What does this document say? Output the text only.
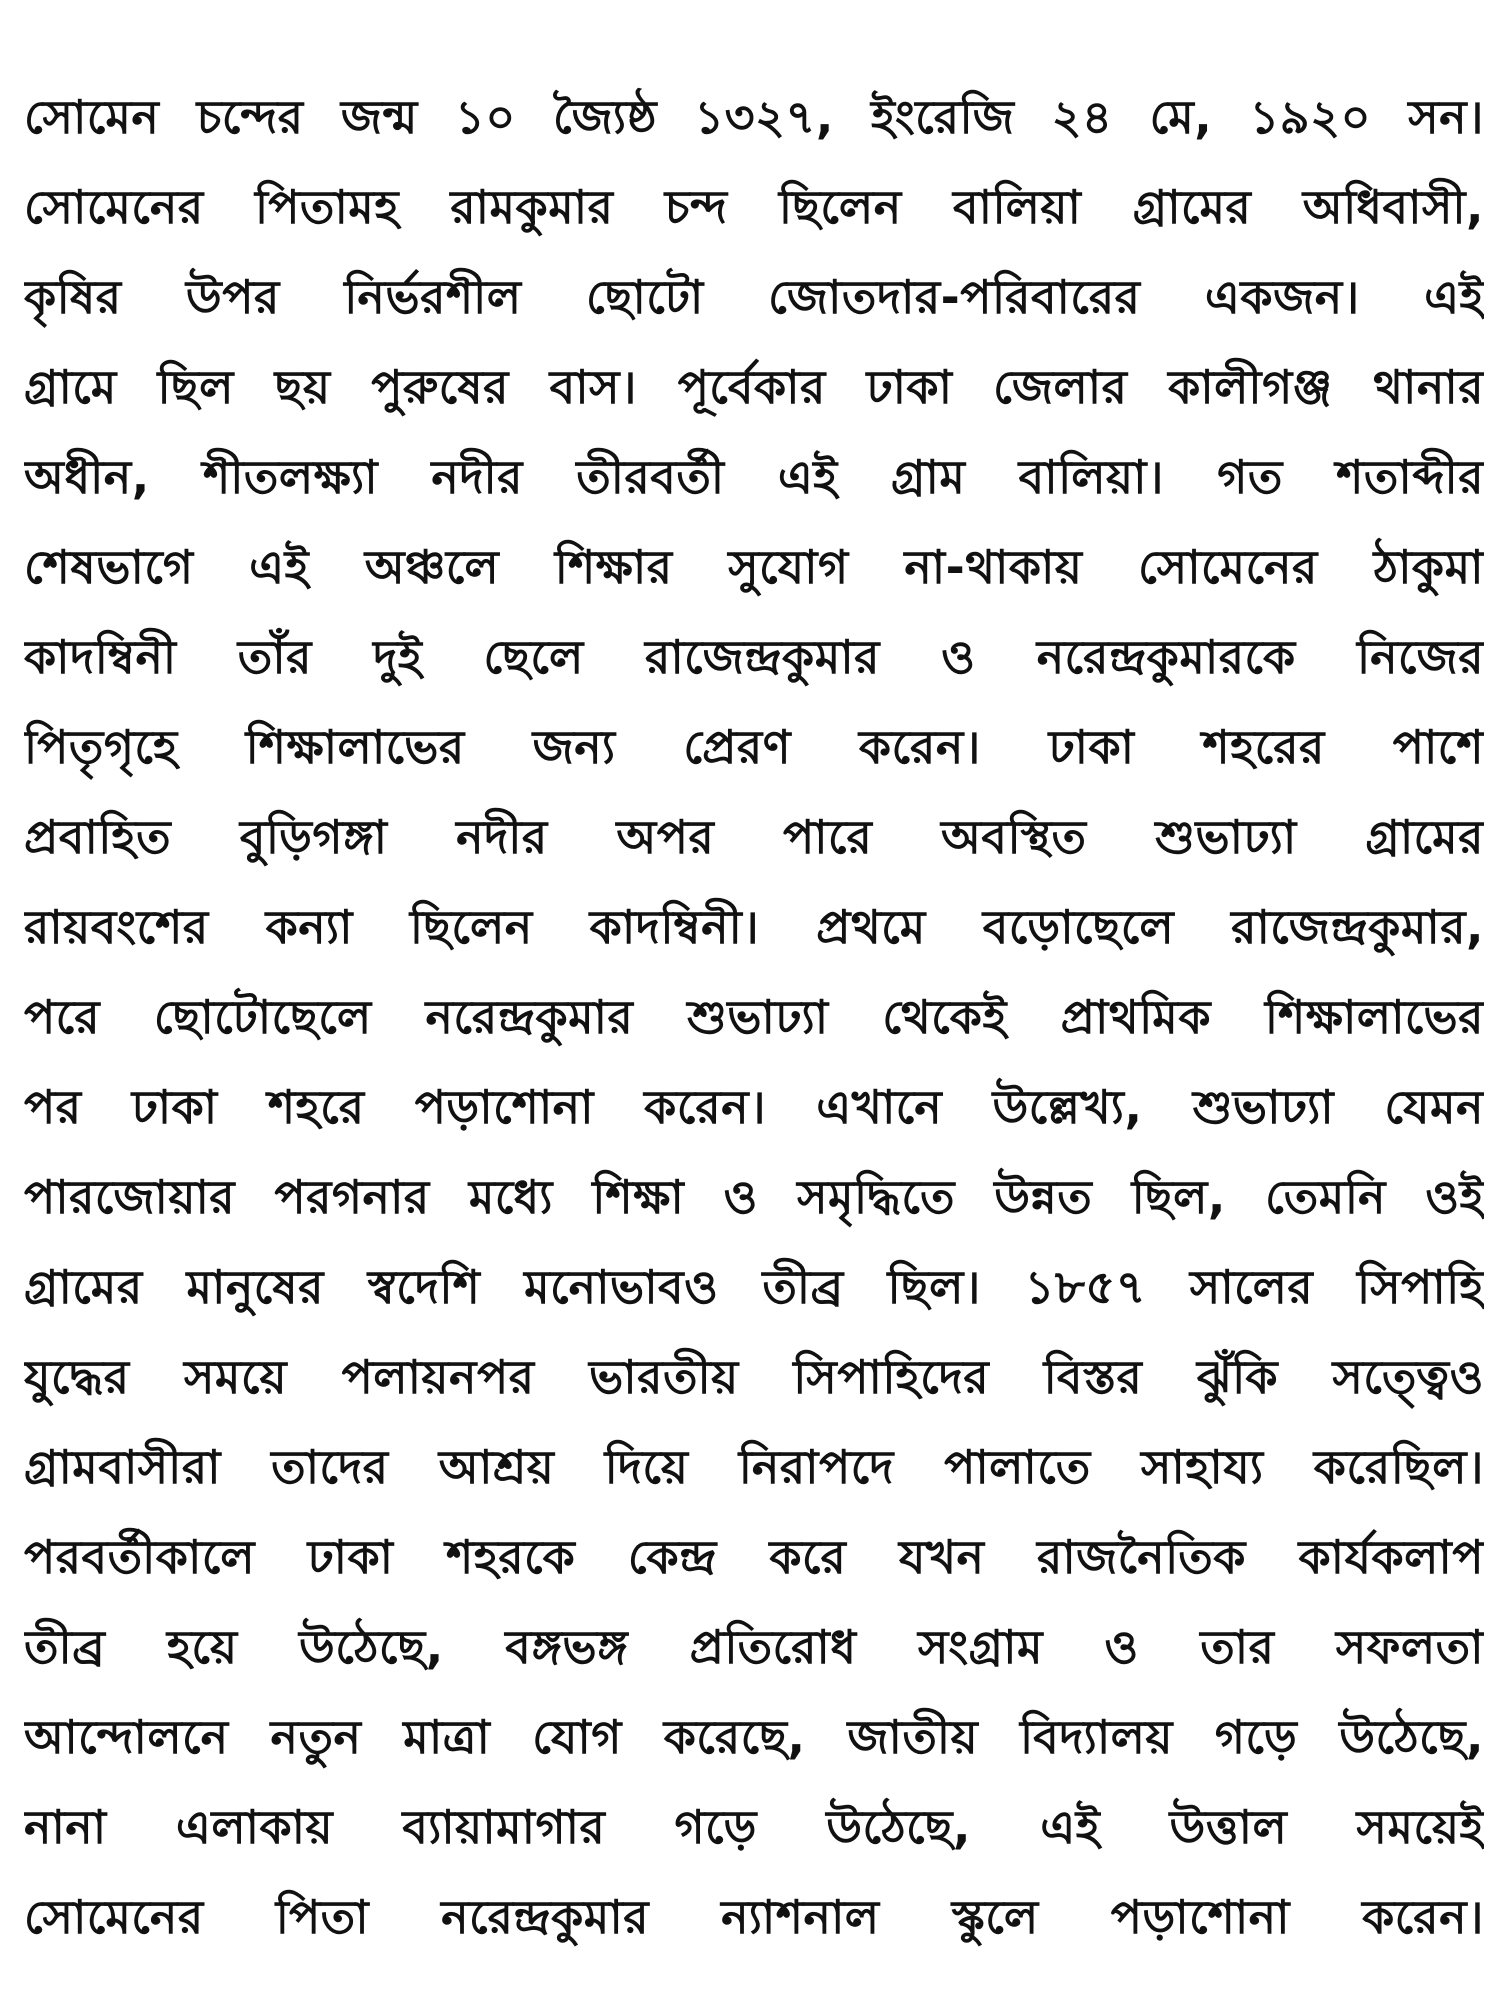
সোমেন চন্দের জন্ম ১০ জ্যৈষ্ঠ ১৩২৭, ইংরেজি ২৪ মে, ১৯২০ সন।
সোমেনের পিতামহ রামকুমার চন্দ ছিলেন বালিয়া গ্রামের অধিবাসী,
কৃষির উপর নির্ভরশীল ছোটো জোতদার-পরিবারের একজন। এই
গ্রামে ছিল ছয় পুরুষের বাস। পূর্বেকার ঢাকা জেলার কালীগঞ্জ থানার
অধীন, শীতলক্ষ্যা নদীর তীরবর্তী এই গ্রাম বালিয়া। গত শতাব্দীর
শেষভাগে এই অঞ্চলে শিক্ষার সুযোগ না-থাকায় সোমেনের ঠাকুমা
কাদম্বিনী তাঁর দুই ছেলে রাজেন্দ্রকুমার ও নরেন্দ্রকুমারকে নিজের
পিতৃগৃহে শিক্ষালাভের জন্য প্রেরণ করেন। ঢাকা শহরের পাশে
প্রবাহিত বুড়িগঙ্গা নদীর অপর পারে অবস্থিত শুভাঢ্যা গ্রামের
রায়বংশের কন্যা ছিলেন কাদম্বিনী। প্রথমে বড়োছেলে রাজেন্দ্রকুমার,
পরে ছোটোছেলে নরেন্দ্রকুমার শুভাঢ্যা থেকেই প্রাথমিক শিক্ষালাভের
পর ঢাকা শহরে পড়াশোনা করেন। এখানে উল্লেখ্য, শুভাঢ্যা যেমন
পারজোয়ার পরগনার মধ্যে শিক্ষা ও সমৃদ্ধিতে উন্নত ছিল, তেমনি ওই
গ্রামের মানুষের স্বদেশি মনোভাবও তীব্র ছিল। ১৮৫৭ সালের সিপাহি
যুদ্ধের সময়ে পলায়নপর ভারতীয় সিপাহিদের বিস্তর ঝুঁকি সত্ত্বেও
গ্রামবাসীরা তাদের আশ্রয় দিয়ে নিরাপদে পালাতে সাহায্য করেছিল।
পরবর্তীকালে ঢাকা শহরকে কেন্দ্র করে যখন রাজনৈতিক কার্যকলাপ
তীব্র হয়ে উঠেছে, বঙ্গভঙ্গ প্রতিরোধ সংগ্রাম ও তার সফলতা
আন্দোলনে নতুন মাত্রা যোগ করেছে, জাতীয় বিদ্যালয় গড়ে উঠেছে,
নানা এলাকায় ব্যায়ামাগার গড়ে উঠেছে, এই উত্তাল সময়েই
সোমেনের পিতা নরেন্দ্রকুমার ন্যাশনাল স্কুলে পড়াশোনা করেন।
